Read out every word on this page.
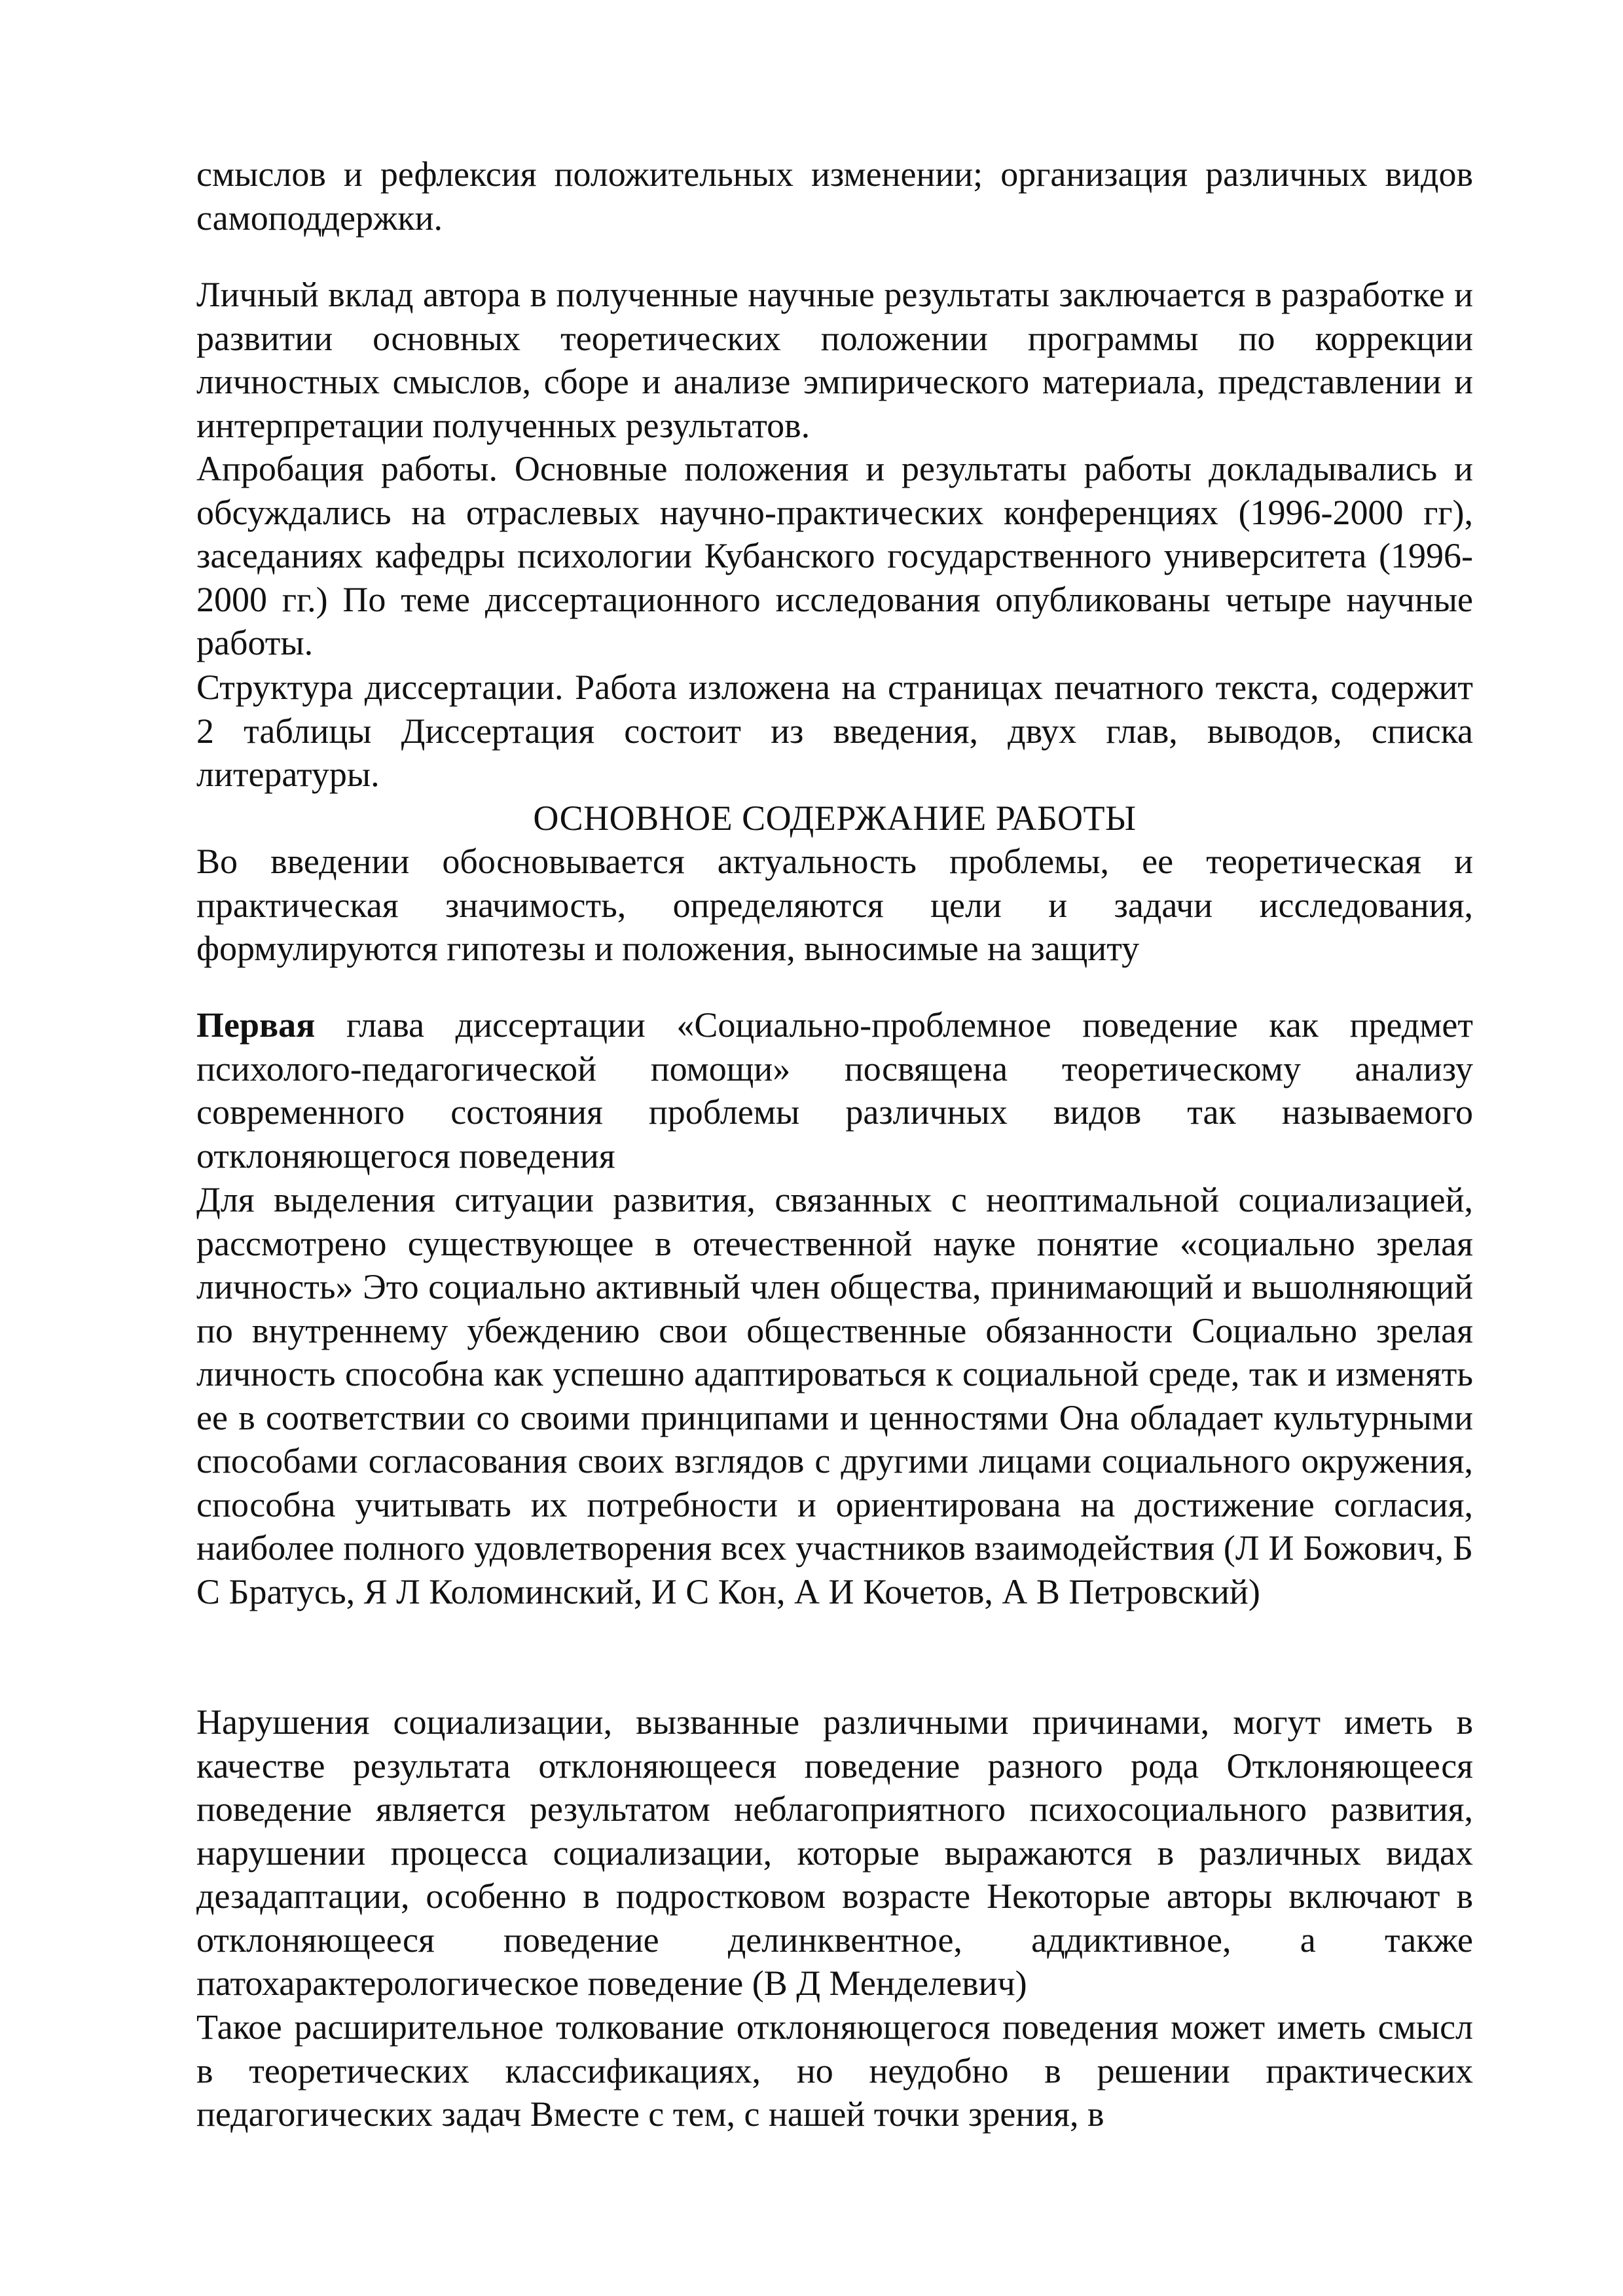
смыслов и рефлексия положительных изменении; организация различных видов самоподдержки.

Личный вклад автора в полученные научные результаты заключается в разработке и развитии основных теоретических положении программы по коррекции личностных смыслов, сборе и анализе эмпирического материала, представлении и интерпретации полученных результатов.

Апробация работы. Основные положения и результаты работы докладывались и обсуждались на отраслевых научно-практических конференциях (1996-2000 гг), заседаниях кафедры психологии Кубанского государственного университета (1996-2000 гг.) По теме диссертационного исследования опубликованы четыре научные работы.

Структура диссертации. Работа изложена на страницах печатного текста, содержит 2 таблицы Диссертация состоит из введения, двух глав, выводов, списка литературы.

ОСНОВНОЕ СОДЕРЖАНИЕ РАБОТЫ

Во введении обосновывается актуальность проблемы, ее теоретическая и практическая значимость, определяются цели и задачи исследования, формулируются гипотезы и положения, выносимые на защиту

Первая глава диссертации «Социально-проблемное поведение как предмет психолого-педагогической помощи» посвящена теоретическому анализу современного состояния проблемы различных видов так называемого отклоняющегося поведения

Для выделения ситуации развития, связанных с неоптимальной социализацией, рассмотрено существующее в отечественной науке понятие «социально зрелая личность» Это социально активный член общества, принимающий и вьшолняющий по внутреннему убеждению свои общественные обязанности Социально зрелая личность способна как успешно адаптироваться к социальной среде, так и изменять ее в соответствии со своими принципами и ценностями Она обладает культурными способами согласования своих взглядов с другими лицами социального окружения, способна учитывать их потребности и ориентирована на достижение согласия, наиболее полного удовлетворения всех участников взаимодействия (Л И Божович, Б С Братусь, Я Л Коломинский, И С Кон, А И Кочетов, А В Петровский)

Нарушения социализации, вызванные различными причинами, могут иметь в качестве результата отклоняющееся поведение разного рода Отклоняющееся поведение является результатом неблагоприятного психосоциального развития, нарушении процесса социализации, которые выражаются в различных видах дезадаптации, особенно в подростковом возрасте Некоторые авторы включают в отклоняющееся поведение делинквентное, аддиктивное, а также патохарактерологическое поведение (В Д Менделевич)

Такое расширительное толкование отклоняющегося поведения может иметь смысл в теоретических классификациях, но неудобно в решении практических педагогических задач Вместе с тем, с нашей точки зрения, в
